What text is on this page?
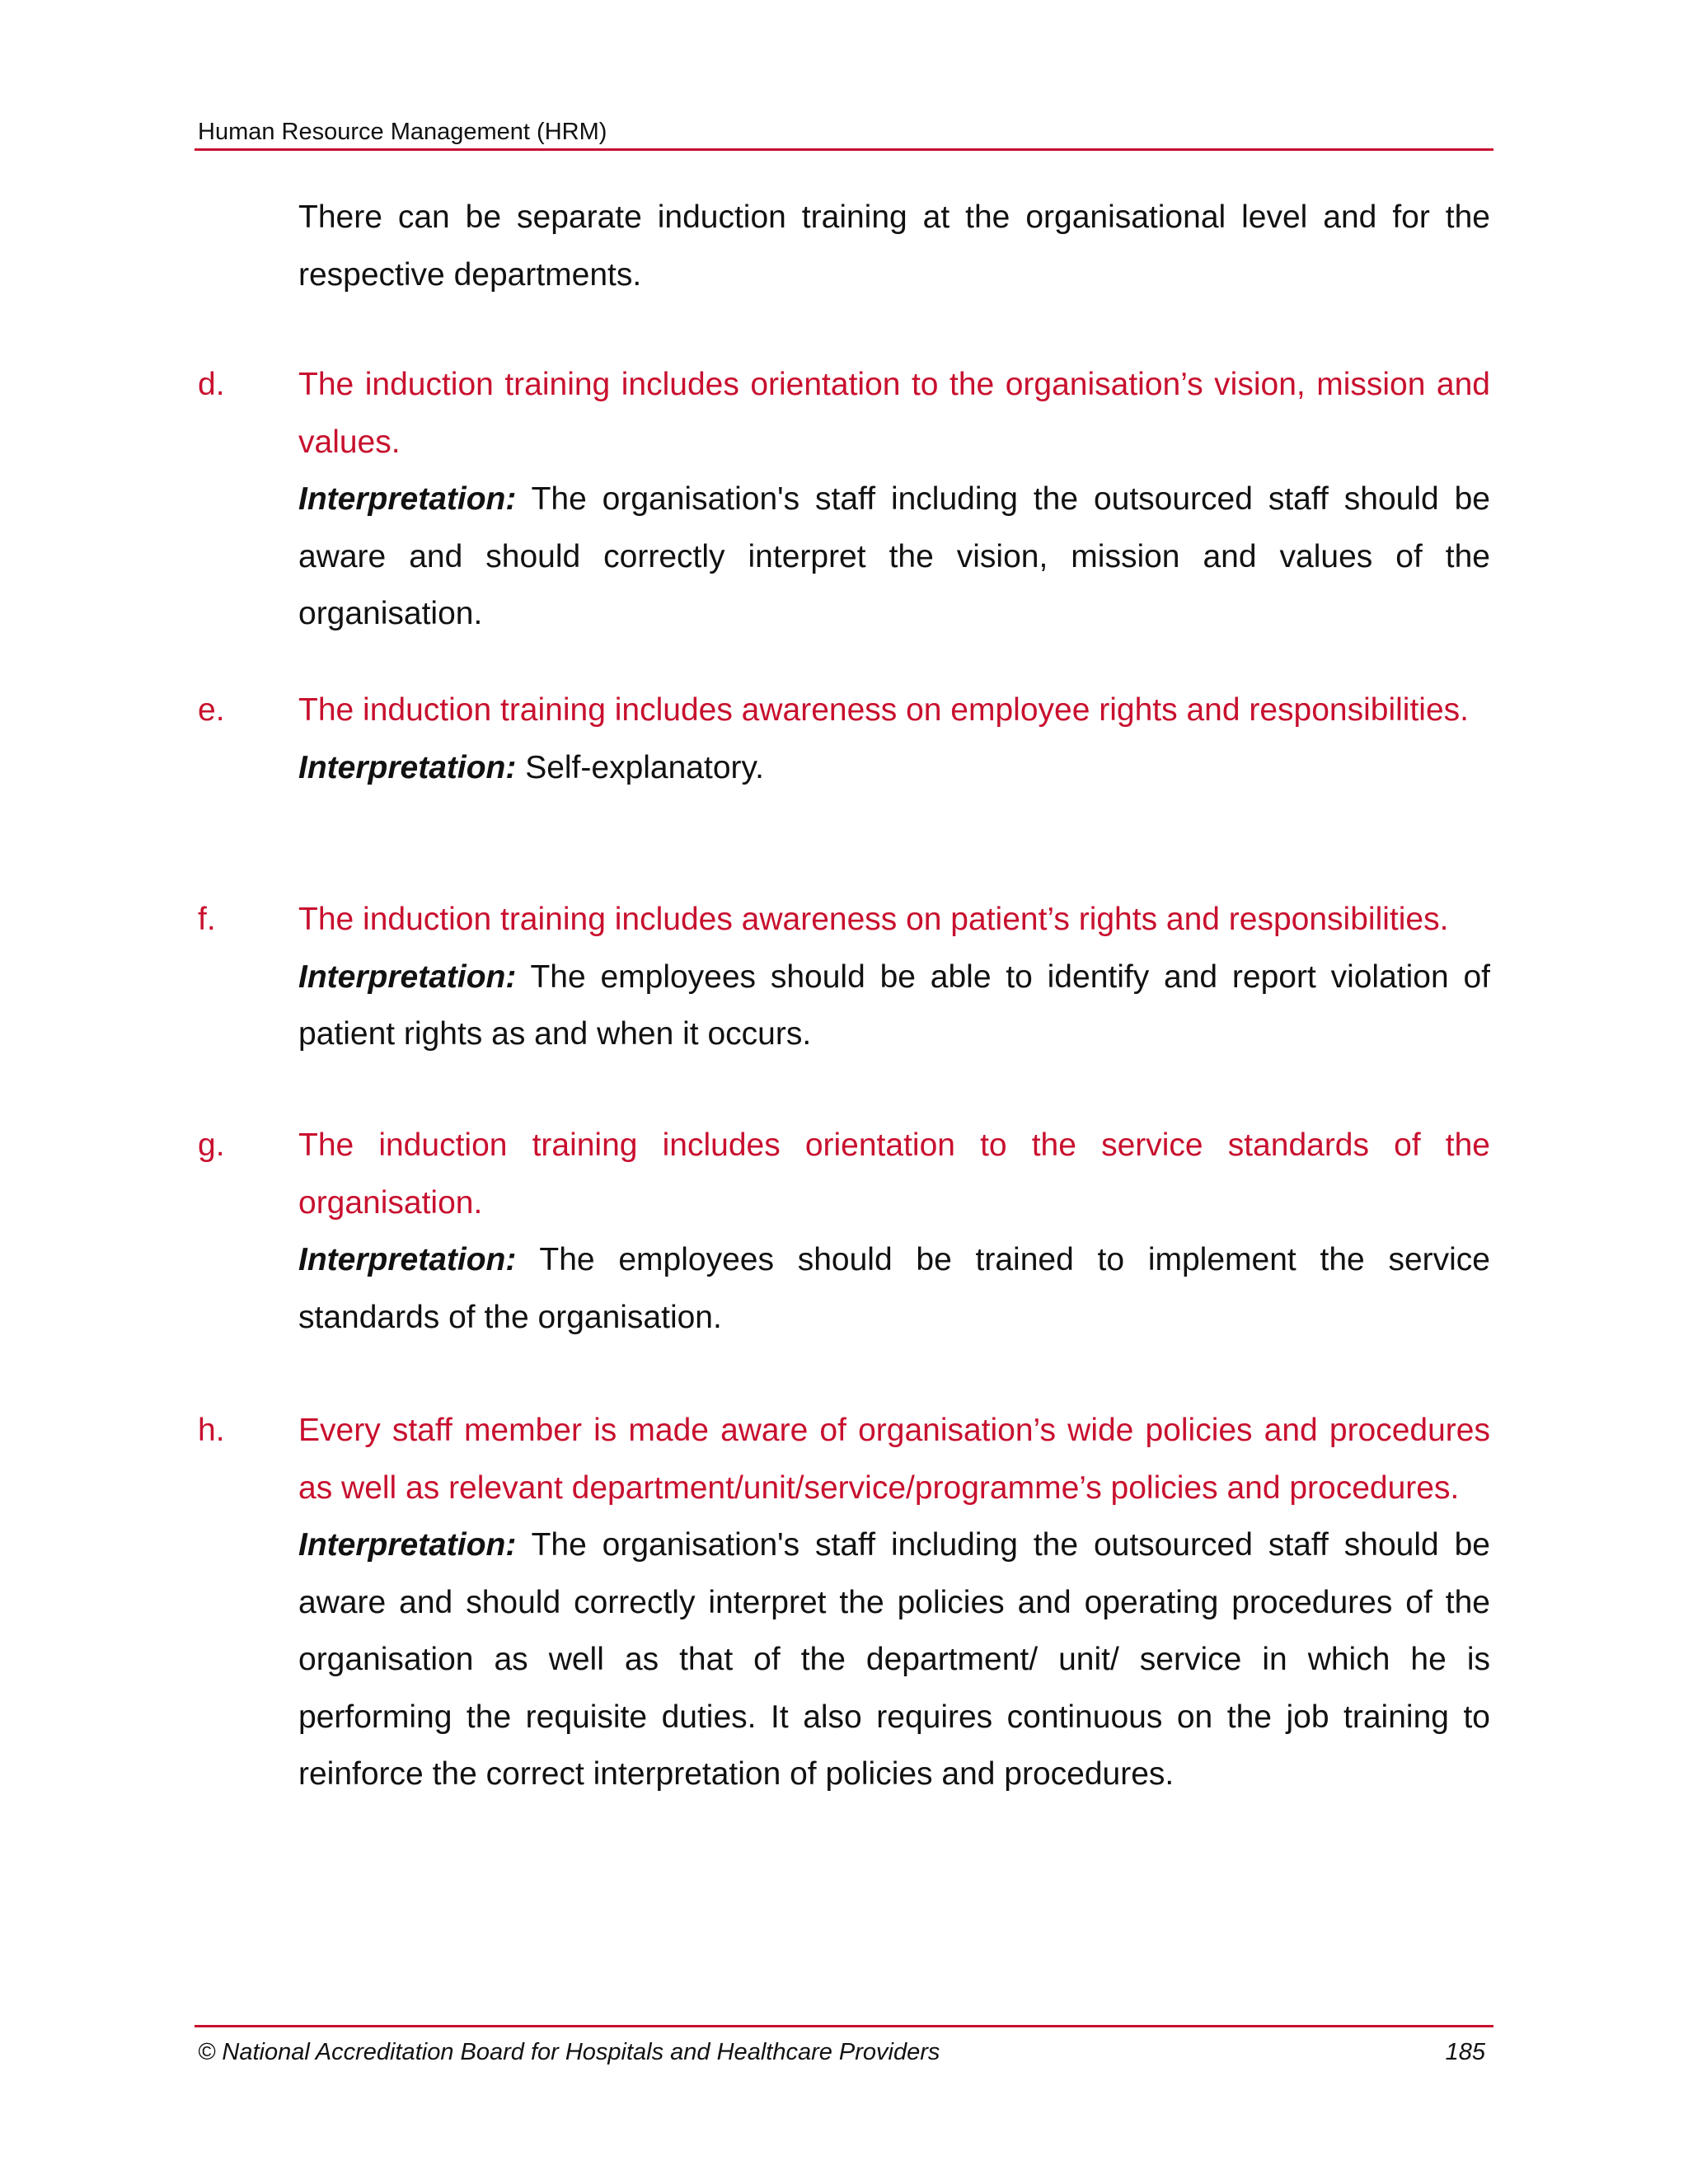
Human Resource Management (HRM)
There can be separate induction training at the organisational level and for the respective departments.
d. The induction training includes orientation to the organisation’s vision, mission and values.
Interpretation: The organisation's staff including the outsourced staff should be aware and should correctly interpret the vision, mission and values of the organisation.
e. The induction training includes awareness on employee rights and responsibilities.
Interpretation: Self-explanatory.
f.	The induction training includes awareness on patient’s rights and responsibilities.
Interpretation: The employees should be able to identify and report violation of patient rights as and when it occurs.
g. The induction training includes orientation to the service standards of the organisation.
Interpretation: The employees should be trained to implement the service standards of the organisation.
h. Every staff member is made aware of organisation’s wide policies and procedures as well as relevant department/unit/service/programme’s policies and procedures.
Interpretation: The organisation's staff including the outsourced staff should be aware and should correctly interpret the policies and operating procedures of the organisation as well as that of the department/ unit/ service in which he is performing the requisite duties. It also requires continuous on the job training to reinforce the correct interpretation of policies and procedures.
© National Accreditation Board for Hospitals and Healthcare Providers	185
